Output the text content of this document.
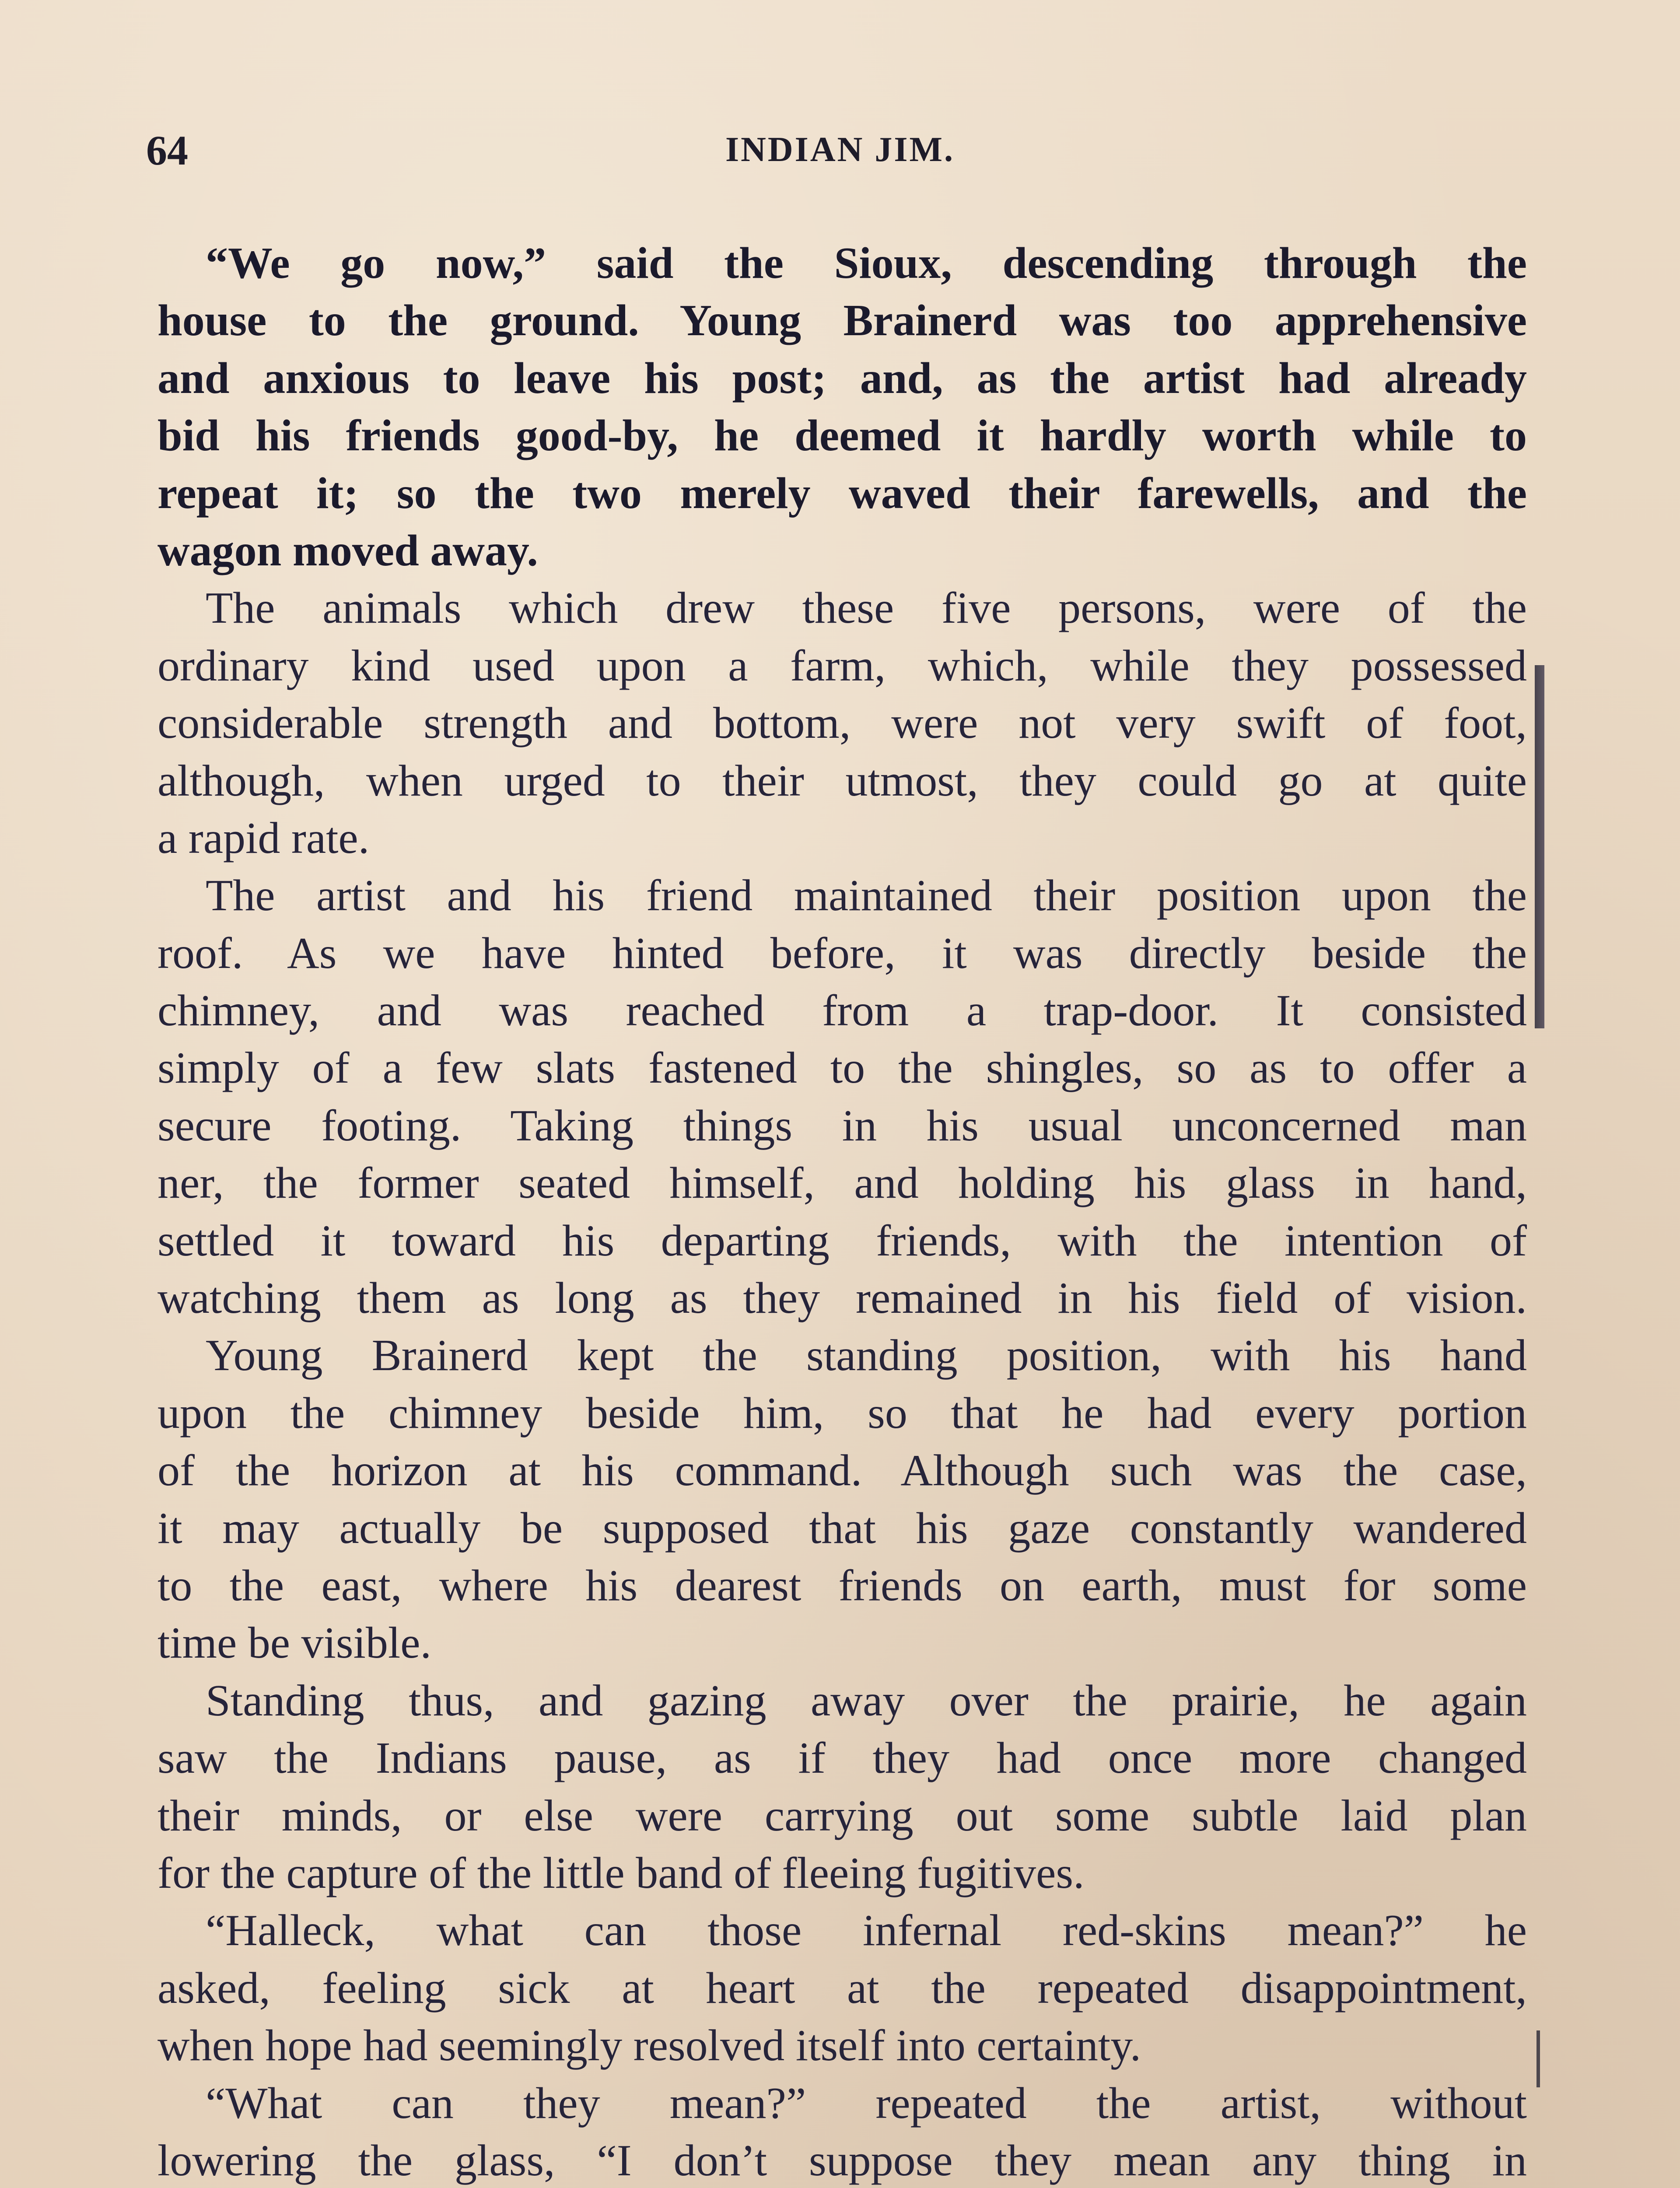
64	INDIAN JIM.

“We go now,” said the Sioux, descending through the
house to the ground. Young Brainerd was too apprehensive
and anxious to leave his post; and, as the artist had already
bid his friends good-by, he deemed it hardly worth while to
repeat it; so the two merely waved their farewells, and the
wagon moved away.

The animals which drew these five persons, were of the
ordinary kind used upon a farm, which, while they possessed
considerable strength and bottom, were not very swift of foot,
although, when urged to their utmost, they could go at quite
a rapid rate.

The artist and his friend maintained their position upon the
roof. As we have hinted before, it was directly beside the
chimney, and was reached from a trap-door. It consisted
simply of a few slats fastened to the shingles, so as to offer a
secure footing. Taking things in his usual unconcerned man
ner, the former seated himself, and holding his glass in hand,
settled it toward his departing friends, with the intention of
watching them as long as they remained in his field of vision.

Young Brainerd kept the standing position, with his hand
upon the chimney beside him, so that he had every portion
of the horizon at his command. Although such was the case,
it may actually be supposed that his gaze constantly wandered
to the east, where his dearest friends on earth, must for some
time be visible.

Standing thus, and gazing away over the prairie, he again
saw the Indians pause, as if they had once more changed
their minds, or else were carrying out some subtle laid plan
for the capture of the little band of fleeing fugitives.

“Halleck, what can those infernal red-skins mean?” he
asked, feeling sick at heart at the repeated disappointment,
when hope had seemingly resolved itself into certainty.

“What can they mean?” repeated the artist, without
lowering the glass, “I don’t suppose they mean any thing in
